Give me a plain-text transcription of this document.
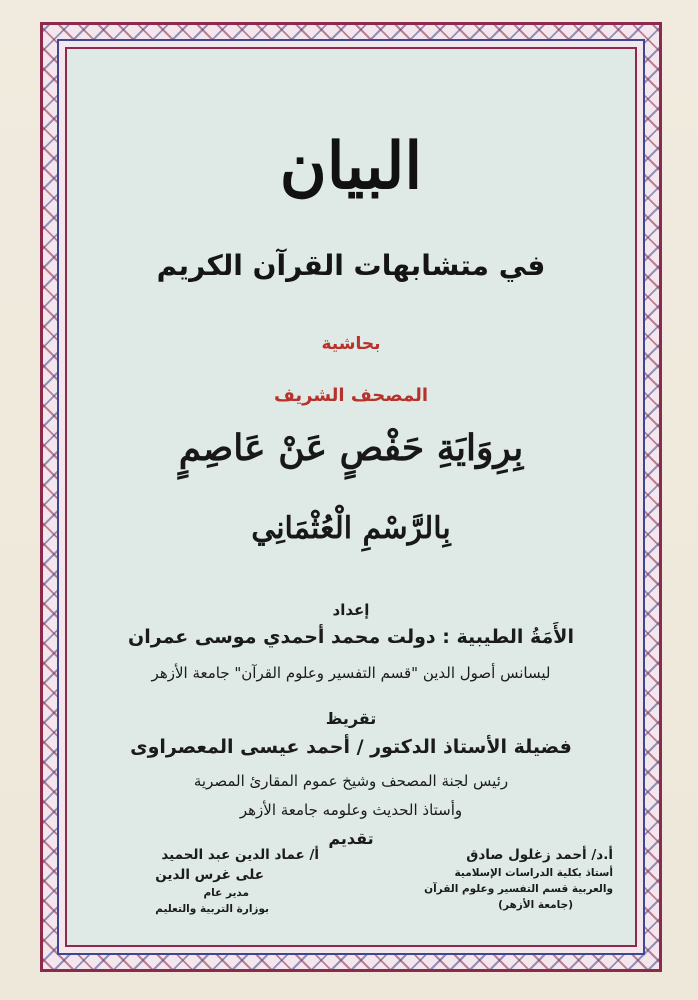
البيان
في متشابهات القرآن الكريم
بحاشية
المصحف الشريف
بِرِوَايَةِ حَفْصٍ عَنْ عَاصِمٍ
بِالرَّسْمِ الْعُثْمَانِي
إعداد
الأَمَةُ الطيبية : دولت محمد أحمدي موسى عمران
ليسانس أصول الدين "قسم التفسير وعلوم القرآن" جامعة الأزهر
تقريظ
فضيلة الأستاذ الدكتور / أحمد عيسى المعصراوى
رئيس لجنة المصحف وشيخ عموم المقارئ المصرية
وأستاذ الحديث وعلومه جامعة الأزهر
تقديم
أ.د/ أحمد زغلول صادق
أستاذ بكلية الدراسات الإسلامية
والعربية قسم التفسير وعلوم القرآن
(جامعة الأزهر)
أ/ عماد الدين عبد الحميد
على غرس الدين
مدير عام
بوزارة التربية والتعليم
